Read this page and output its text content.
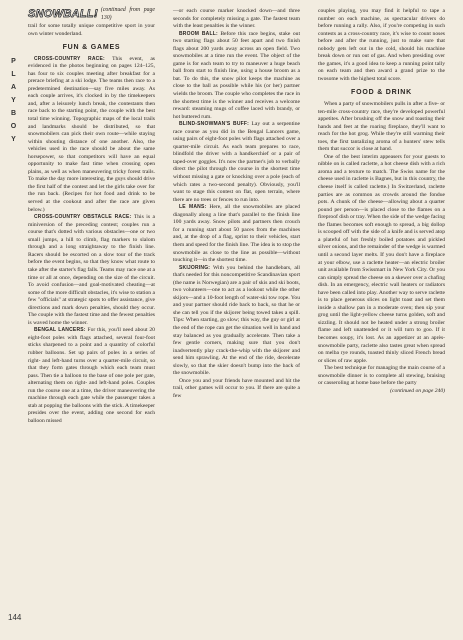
P
L
A
Y
B
O
Y
144
SNOWBALL! (continued from page 130)

trail for some totally unique competitive sport in your own winter wonderland.

FUN & GAMES

CROSS-COUNTRY RACE: This event, as evidenced in the photos beginning on pages 124–125, has four to six couples meeting after breakfast for a prerace briefing at a ski lodge. The teams then race to a predetermined destination—say five miles away. As each couple arrives, it's clocked in by the timekeepers and, after a leisurely lunch break, the contestants then race back to the starting point, the couple with the best total time winning. Topographic maps of the local trails and landmarks should be distributed, so that snowmobilers can pick their own route—while staying within shouting distance of one another. Also, the vehicles used in the race should be about the same horsepower, so that competitors will have an equal opportunity to make fast time when crossing open plains, as well as when maneuvering tricky forest trails. To make the day more interesting, the guys should drive the first half of the contest and let the girls take over for the run back. (Recipes for hot food and drink to be served at the cookout and after the race are given below.)

CROSS-COUNTRY OBSTACLE RACE: This is a miniversion of the preceding contest; couples run a course that's dotted with various obstacles—one or two small jumps, a hill to climb, flag markers to slalom through and a long straightaway to the finish line. Racers should be escorted on a slow tour of the track before the event begins, so that they know what route to take after the starter's flag falls. Teams may race one at a time or all at once, depending on the size of the circuit. To avoid confusion—and goal-motivated cheating—at some of the more difficult obstacles, it's wise to station a few "officials" at strategic spots to offer assistance, give directions and mark down penalties, should they occur. The couple with the fastest time and the fewest penalties is waved home the winner.

BENGAL LANCERS: For this, you'll need about 20 eight-foot poles with flags attached, several four-foot sticks sharpened to a point and a quantity of colorful rubber balloons. Set up pairs of poles in a series of right- and left-hand turns over a quarter-mile circuit, so that they form gates through which each team must pass. Then tie a balloon to the base of one pole per gate, alternating them on right- and left-hand poles. Couples run the course one at a time, the driver maneuvering the machine through each gate while the passenger takes a stab at popping the balloons with the stick. A timekeeper presides over the event, adding one second for each balloon missed

—or each course marker knocked down—and three seconds for completely missing a gate. The fastest team with the least penalties is the winner.

BROOM BALL: Before this race begins, stake out two starting flags about 50 feet apart and two finish flags about 200 yards away across an open field. Two snowmobiles at a time run the event. The object of the game is for each team to try to maneuver a huge beach ball from start to finish line, using a house broom as a bat. To do this, the snow pilot keeps the machine as close to the ball as possible while his (or her) partner wields the broom. The couple who completes the race in the shortest time is the winner and receives a welcome reward: steaming mugs of coffee laced with brandy, or hot buttered rum.

BLIND-SNOWMAN'S BUFF: Lay out a serpentine race course as you did in the Bengal Lancers game, using pairs of eight-foot poles with flags attached over a quarter-mile circuit. As each team prepares to race, blindfold the driver with a handkerchief or a pair of taped-over goggles. It's now the partner's job to verbally direct the pilot through the course in the shortest time without missing a gate or knocking over a pole (each of which rates a two-second penalty). Obviously, you'll want to stage this contest on flat, open terrain, where there are no trees or fences to run into.

LE MANS: Here, all the snowmobiles are placed diagonally along a line that's parallel to the finish line 100 yards away. Snow pilots and partners then crouch for a running start about 50 paces from the machines and, at the drop of a flag, sprint to their vehicles, start them and speed for the finish line. The idea is to stop the snowmobile as close to the line as possible—without touching it—in the shortest time.

SKIJORING: With you behind the handlebars, all that's needed for this noncompetitive Scandinavian sport (the name is Norwegian) are a pair of skis and ski boots, two volunteers—one to act as a lookout while the other skijors—and a 10-foot length of water-ski tow rope. You and your partner should ride back to back, so that he or she can tell you if the skijorer being towed takes a spill. Tips: When starting, go slow; this way, the guy or girl at the end of the rope can get the situation well in hand and stay balanced as you gradually accelerate. Then take a few gentle corners, making sure that you don't inadvertently play crack-the-whip with the skijorer and send him sprawling. At the end of the ride, decelerate slowly, so that the skier doesn't bump into the back of the snowmobile.

Once you and your friends have mounted and hit the trail, other games will occur to you. If there are quite a few

couples playing, you may find it helpful to tape a number on each machine, as spectacular drivers do before running a rally. Also, if you're competing in such contests as a cross-country race, it's wise to count noses before and after the running, just to make sure that nobody gets left out in the cold, should his machine break down or run out of gas. And when presiding over the games, it's a good idea to keep a running point tally on each team and then award a grand prize to the twosome with the highest total score.

FOOD & DRINK

When a party of snowmobilers pulls in after a five- or ten-mile cross-country race, they're developed powerful appetites. After brushing off the snow and toasting their hands and feet at the roaring fireplace, they'll want to reach for the hot grog. While they're still warming their toes, the first tantalizing aroma of a hunters' stew tells them that succor is close at hand.

One of the best interim appeasers for your guests to nibble on is called raclette, a hot cheese dish with a rich aroma and a texture to match. The Swiss name for the cheese used in raclette is Bagnes, but in this country, the cheese itself is called raclette.) In Switzerland, raclette parties are as common as crowds around the fondue pots. A chunk of the cheese—allowing about a quarter pound per person—is placed close to the flames on a fireproof dish or tray. When the side of the wedge facing the flames becomes soft enough to spread, a big dollop is scooped off with the side of a knife and is served atop a plateful of hot freshly boiled potatoes and pickled silver onions, and the remainder of the wedge is warmed until a second layer melts. If you don't have a fireplace at your elbow, use a raclette heater—an electric broiler unit available from Swissmart in New York City. Or you can simply spread the cheese on a skewer over a chafing dish. In an emergency, electric wall heaters or radiators have been called into play. Another way to serve raclette is to place generous slices on light toast and set them inside a shallow pan in a moderate oven; then sip your grog until the light-yellow cheese turns golden, soft and sizzling. It should not be heated under a strong broiler flame and left unattended or it will turn to goo. If it becomes soupy, it's lost. As an appetizer at an après-snowmobile party, raclette also tastes great when spread on melba rye rounds, toasted thinly sliced French bread or slices of raw apple.

The best technique for managing the main course of a snowmobile dinner is to complete all stewing, braising or casseroling at home base before the party

(continued on page 240)
